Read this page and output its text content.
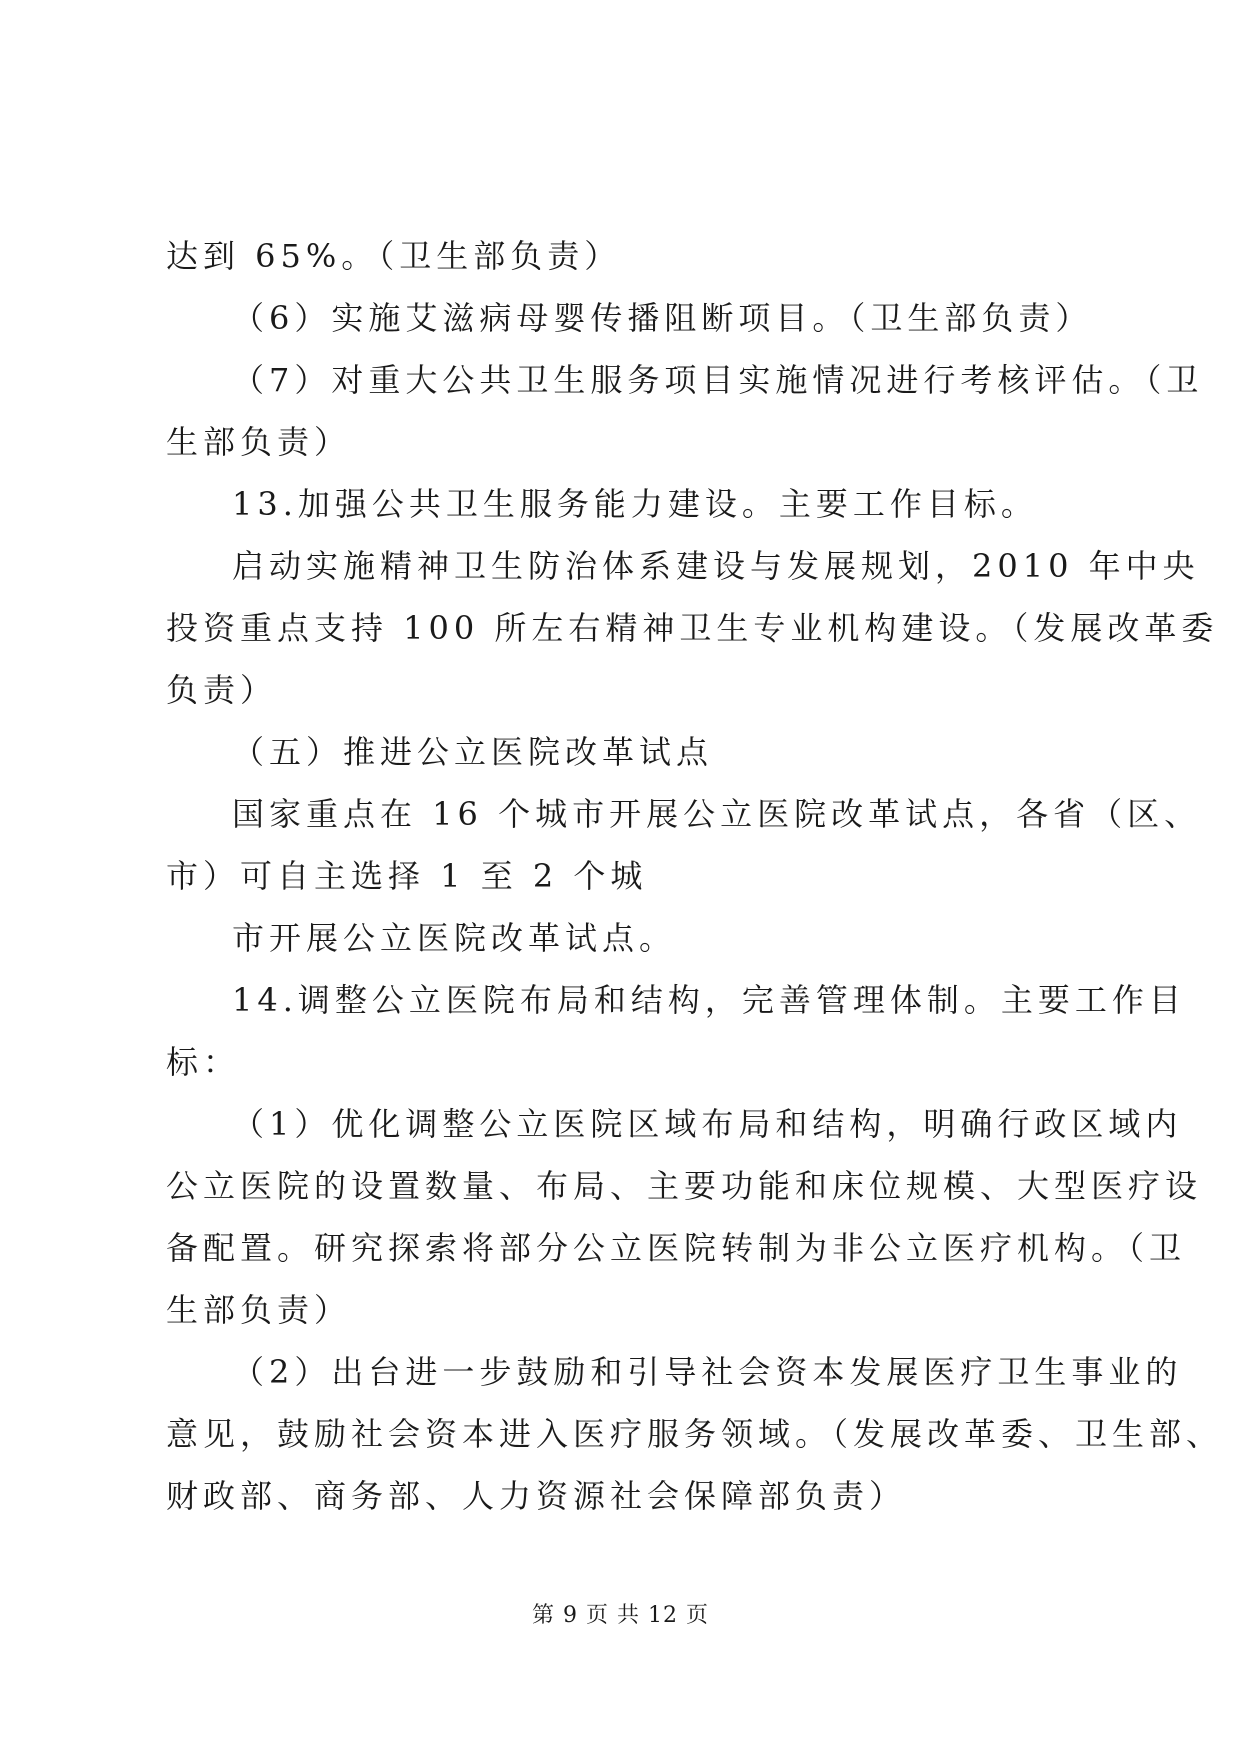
达到 65%。（卫生部负责）
（6）实施艾滋病母婴传播阻断项目。（卫生部负责）
（7）对重大公共卫生服务项目实施情况进行考核评估。（卫
生部负责）
13.加强公共卫生服务能力建设。主要工作目标。
启动实施精神卫生防治体系建设与发展规划，2010 年中央
投资重点支持 100 所左右精神卫生专业机构建设。（发展改革委
负责）
（五）推进公立医院改革试点
国家重点在 16 个城市开展公立医院改革试点，各省（区、
市）可自主选择 1 至 2 个城
市开展公立医院改革试点。
14.调整公立医院布局和结构，完善管理体制。主要工作目
标：
（1）优化调整公立医院区域布局和结构，明确行政区域内
公立医院的设置数量、布局、主要功能和床位规模、大型医疗设
备配置。研究探索将部分公立医院转制为非公立医疗机构。（卫
生部负责）
（2）出台进一步鼓励和引导社会资本发展医疗卫生事业的
意见，鼓励社会资本进入医疗服务领域。（发展改革委、卫生部、
财政部、商务部、人力资源社会保障部负责）
第 9 页 共 12 页
